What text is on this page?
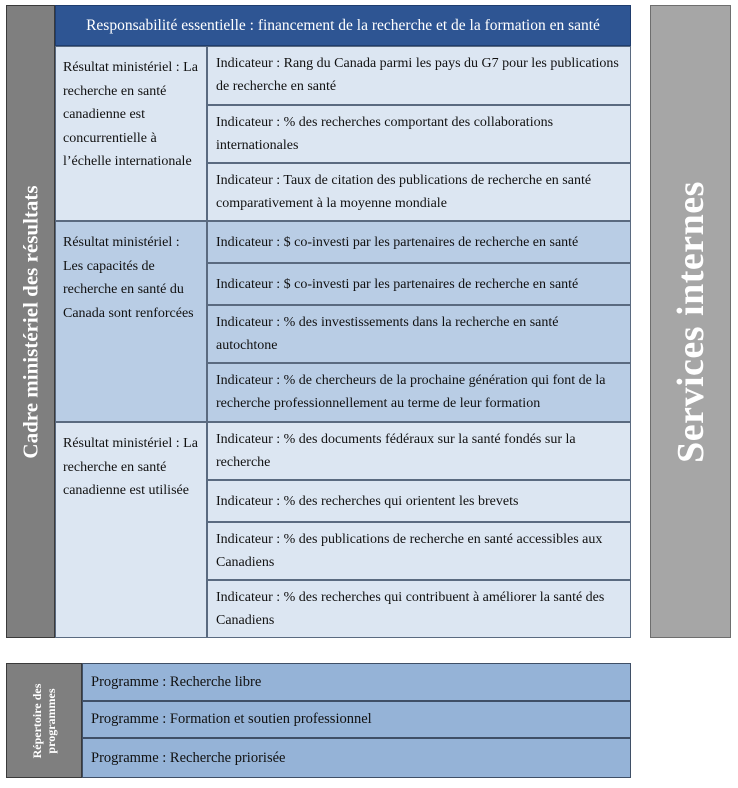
Cadre ministériel des résultats	Services internes
Responsabilité essentielle : financement de la recherche et de la formation en santé
Résultat ministériel : La recherche en santé canadienne est concurrentielle à l’échelle internationale
Indicateur : Rang du Canada parmi les pays du G7 pour les publications de recherche en santé
Indicateur : % des recherches comportant des collaborations internationales
Indicateur : Taux de citation des publications de recherche en santé comparativement à la moyenne mondiale
Résultat ministériel : Les capacités de recherche en santé du Canada sont renforcées
Indicateur : $ co-investi par les partenaires de recherche en santé
Indicateur : $ co-investi par les partenaires de recherche en santé
Indicateur : % des investissements dans la recherche en santé autochtone
Indicateur : % de chercheurs de la prochaine génération qui font de la recherche professionnellement au terme de leur formation
Résultat ministériel : La recherche en santé canadienne est utilisée
Indicateur : % des documents fédéraux sur la santé fondés sur la recherche
Indicateur : % des recherches qui orientent les brevets
Indicateur : % des publications de recherche en santé accessibles aux Canadiens
Indicateur : % des recherches qui contribuent à améliorer la santé des Canadiens
Répertoire des programmes
Programme : Recherche libre
Programme : Formation et soutien professionnel
Programme : Recherche priorisée
